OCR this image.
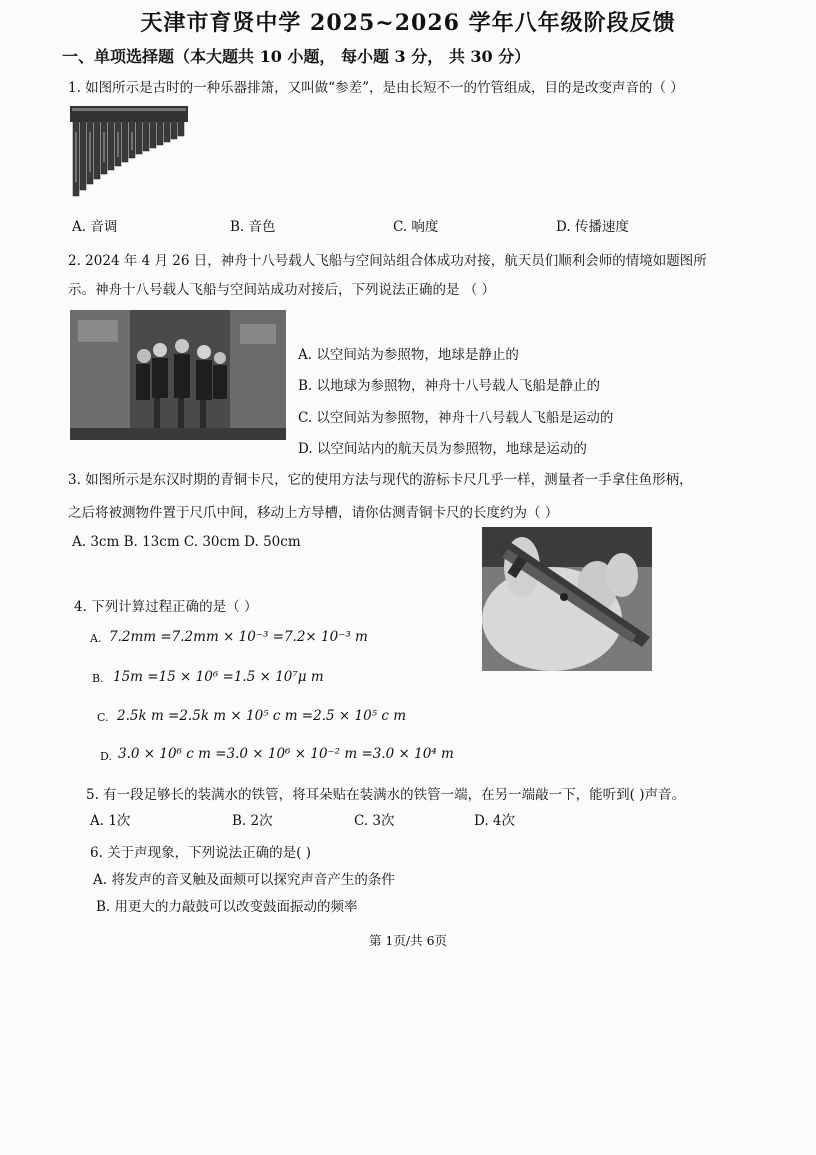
天津市育贤中学 2025~2026 学年八年级阶段反馈
一、单项选择题（本大题共 10 小题， 每小题 3 分， 共 30 分）
1. 如图所示是古时的一种乐器排箫，又叫做“参差”，是由长短不一的竹管组成，目的是改变声音的（ ）
A. 音调	B. 音色	C. 响度	D. 传播速度
2. 2024 年 4 月 26 日，神舟十八号载人飞船与空间站组合体成功对接，航天员们顺利会师的情境如题图所
示。神舟十八号载人飞船与空间站成功对接后，下列说法正确的是 （ ）
A. 以空间站为参照物，地球是静止的
B. 以地球为参照物，神舟十八号载人飞船是静止的
C. 以空间站为参照物，神舟十八号载人飞船是运动的
D. 以空间站内的航天员为参照物，地球是运动的
3. 如图所示是东汉时期的青铜卡尺，它的使用方法与现代的游标卡尺几乎一样，测量者一手拿住鱼形柄，
之后将被测物件置于尺爪中间，移动上方导槽，请你估测青铜卡尺的长度约为（ ）
A. 3cm B. 13cm C. 30cm D. 50cm
4. 下列计算过程正确的是（ ）
A. 7.2mm =7.2mm × 10⁻³ =7.2× 10⁻³ m
B. 15m =15 × 10⁶ =1.5 × 10⁷μ m
C. 2.5k m =2.5k m × 10⁵ c m =2.5 × 10⁵ c m
D. 3.0 × 10⁶ c m =3.0 × 10⁶ × 10⁻² m =3.0 × 10⁴ m
5. 有一段足够长的装满水的铁管，将耳朵贴在装满水的铁管一端，在另一端敲一下，能听到( )声音。
A. 1次	B. 2次	C. 3次	D. 4次
6. 关于声现象，下列说法正确的是( )
A. 将发声的音叉触及面颊可以探究声音产生的条件
B. 用更大的力敲鼓可以改变鼓面振动的频率
第 1页/共 6页
